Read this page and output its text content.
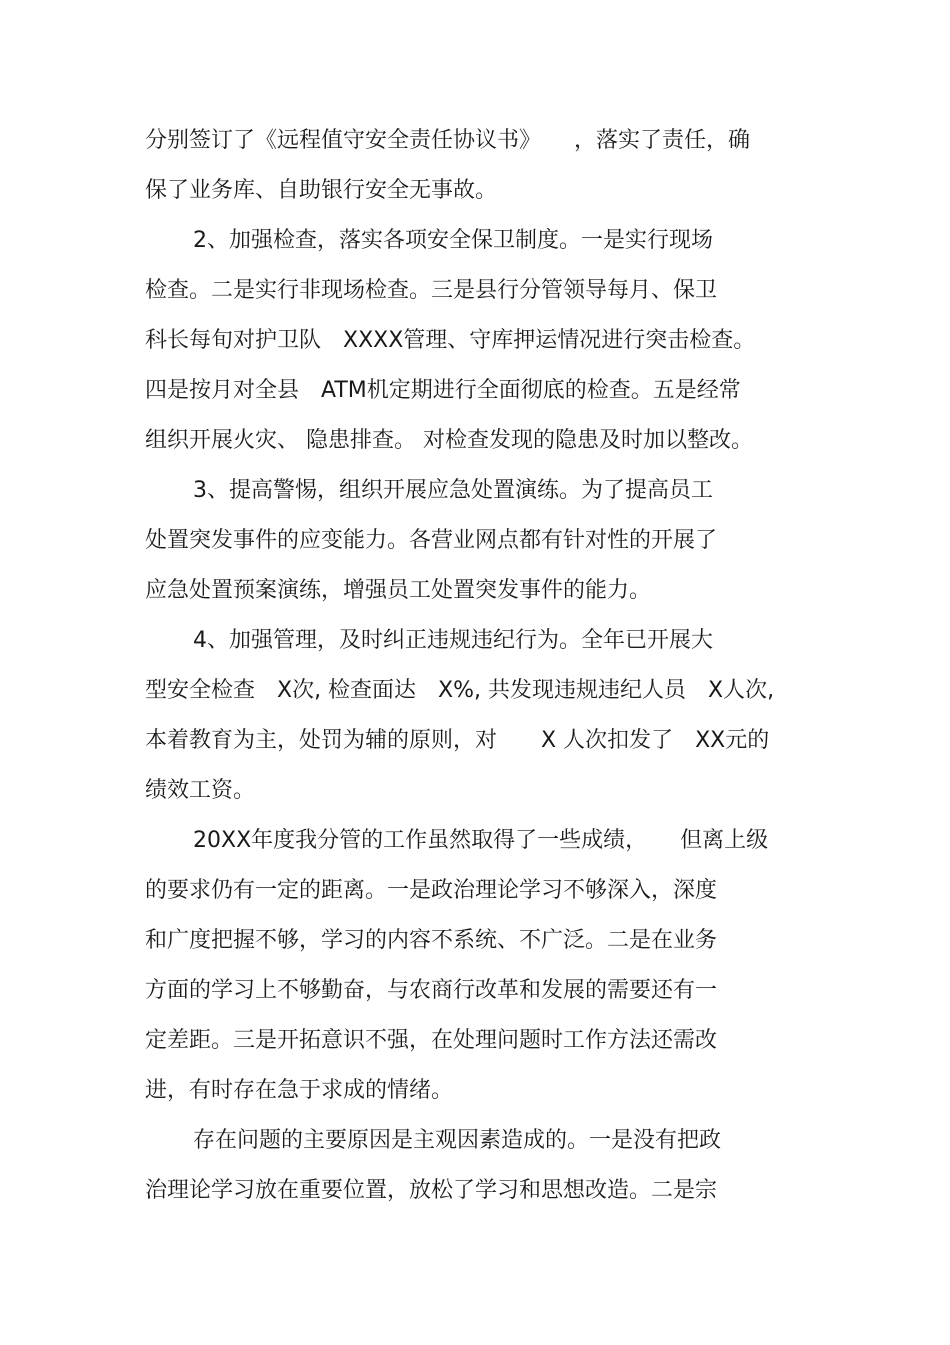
分别签订了《远程值守安全责任协议书》　　，落实了责任，确
保了业务库、自助银行安全无事故。
2、加强检查，落实各项安全保卫制度。一是实行现场
检查。二是实行非现场检查。三是县行分管领导每月、保卫
科长每旬对护卫队　XXXX管理、守库押运情况进行突击检查。
四是按月对全县　ATM机定期进行全面彻底的检查。五是经常
组织开展火灾、 隐患排查。 对检查发现的隐患及时加以整改。
3、提高警惕，组织开展应急处置演练。为了提高员工
处置突发事件的应变能力。各营业网点都有针对性的开展了
应急处置预案演练，增强员工处置突发事件的能力。
4、加强管理，及时纠正违规违纪行为。全年已开展大
型安全检查　X次, 检查面达　X%, 共发现违规违纪人员　X人次,
本着教育为主，处罚为辅的原则，对　　X 人次扣发了　XX元的
绩效工资。
20XX年度我分管的工作虽然取得了一些成绩，　　但离上级
的要求仍有一定的距离。一是政治理论学习不够深入，深度
和广度把握不够，学习的内容不系统、不广泛。二是在业务
方面的学习上不够勤奋，与农商行改革和发展的需要还有一
定差距。三是开拓意识不强，在处理问题时工作方法还需改
进，有时存在急于求成的情绪。
存在问题的主要原因是主观因素造成的。一是没有把政
治理论学习放在重要位置，放松了学习和思想改造。二是宗
